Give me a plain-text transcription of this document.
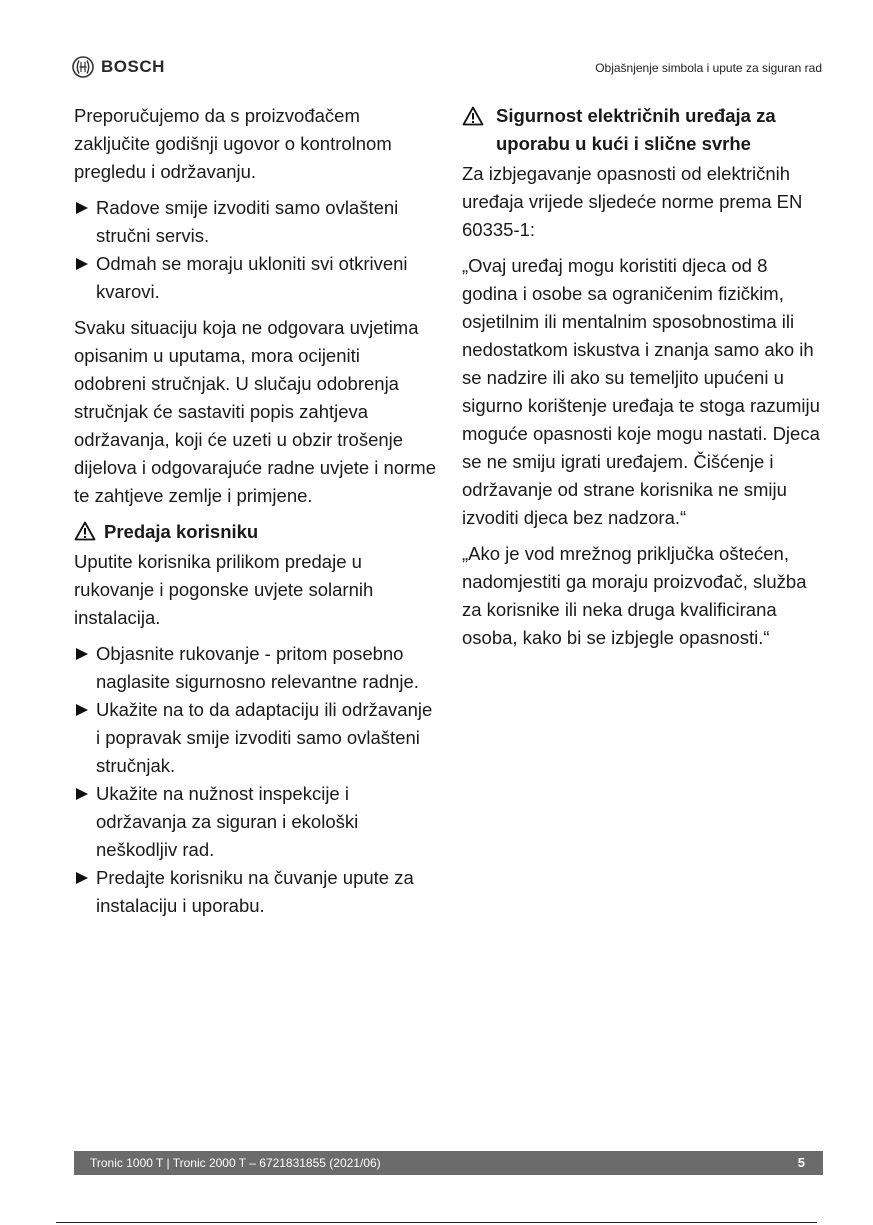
BOSCH	Objašnjenje simbola i upute za siguran rad

Preporučujemo da s proizvođačem zaključite godišnji ugovor o kontrolnom pregledu i održavanju.

Radove smije izvoditi samo ovlašteni stručni servis.
Odmah se moraju ukloniti svi otkriveni kvarovi.

Svaku situaciju koja ne odgovara uvjetima opisanim u uputama, mora ocijeniti odobreni stručnjak. U slučaju odobrenja stručnjak će sastaviti popis zahtjeva održavanja, koji će uzeti u obzir trošenje dijelova i odgovarajuće radne uvjete i norme te zahtjeve zemlje i primjene.

Predaja korisniku

Uputite korisnika prilikom predaje u rukovanje i pogonske uvjete solarnih instalacija.

Objasnite rukovanje - pritom posebno naglasite sigurnosno relevantne radnje.
Ukažite na to da adaptaciju ili održavanje i popravak smije izvoditi samo ovlašteni stručnjak.
Ukažite na nužnost inspekcije i održavanja za siguran i ekološki neškodljiv rad.
Predajte korisniku na čuvanje upute za instalaciju i uporabu.
Sigurnost električnih uređaja za uporabu u kući i slične svrhe

Za izbjegavanje opasnosti od električnih uređaja vrijede sljedeće norme prema EN 60335-1:

„Ovaj uređaj mogu koristiti djeca od 8 godina i osobe sa ograničenim fizičkim, osjetilnim ili mentalnim sposobnostima ili nedostatkom iskustva i znanja samo ako ih se nadzire ili ako su temeljito upućeni u sigurno korištenje uređaja te stoga razumiju moguće opasnosti koje mogu nastati. Djeca se ne smiju igrati uređajem. Čišćenje i održavanje od strane korisnika ne smiju izvoditi djeca bez nadzora.“

„Ako je vod mrežnog priključka oštećen, nadomjestiti ga moraju proizvođač, služba za korisnike ili neka druga kvalificirana osoba, kako bi se izbjegle opasnosti.“

Tronic 1000 T | Tronic 2000 T – 6721831855 (2021/06)	5
